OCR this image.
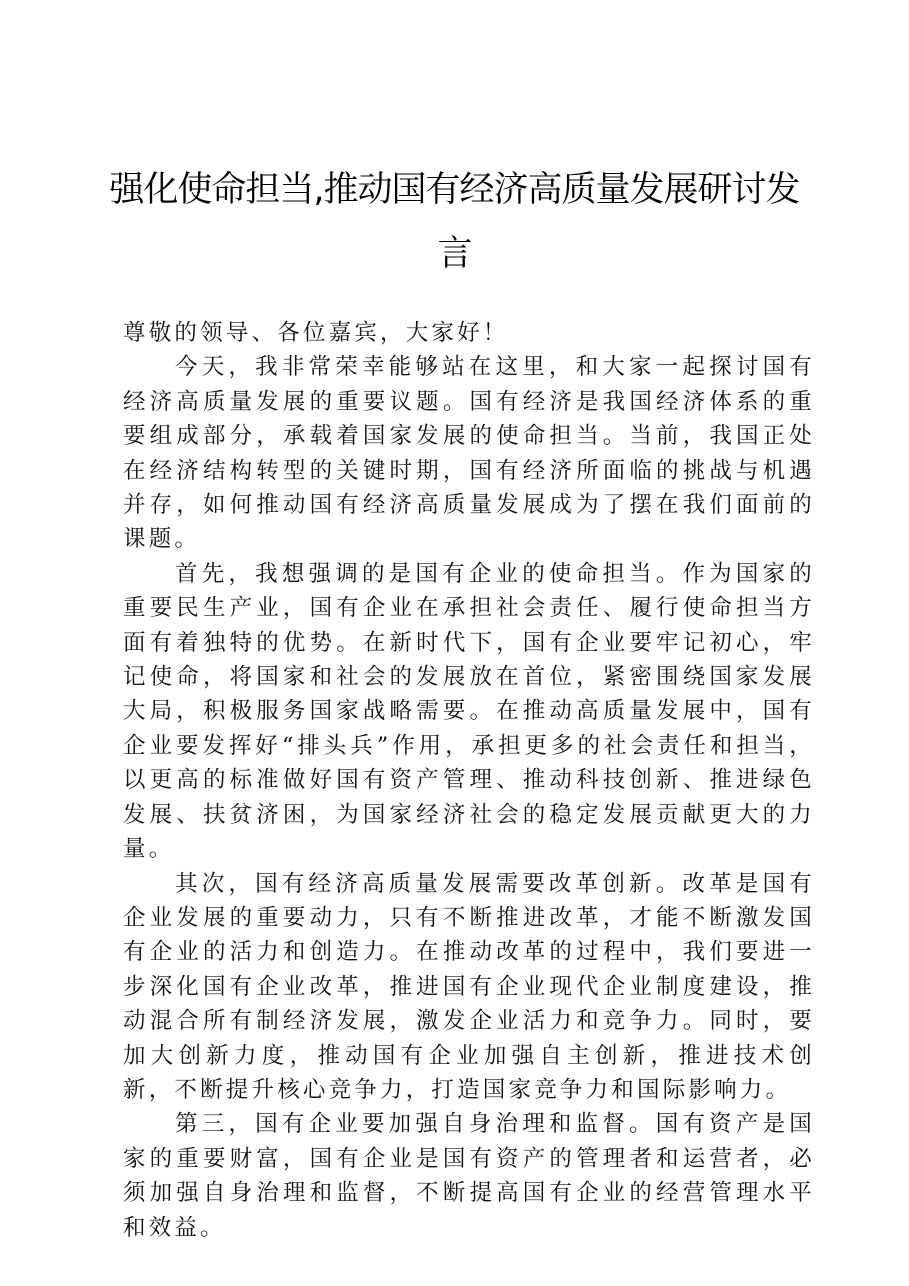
强化使命担当,推动国有经济高质量发展研讨发言

尊敬的领导、各位嘉宾，大家好！

今天，我非常荣幸能够站在这里，和大家一起探讨国有经济高质量发展的重要议题。国有经济是我国经济体系的重要组成部分，承载着国家发展的使命担当。当前，我国正处在经济结构转型的关键时期，国有经济所面临的挑战与机遇并存，如何推动国有经济高质量发展成为了摆在我们面前的课题。

首先，我想强调的是国有企业的使命担当。作为国家的重要民生产业，国有企业在承担社会责任、履行使命担当方面有着独特的优势。在新时代下，国有企业要牢记初心，牢记使命，将国家和社会的发展放在首位，紧密围绕国家发展大局，积极服务国家战略需要。在推动高质量发展中，国有企业要发挥好“排头兵”作用，承担更多的社会责任和担当，以更高的标准做好国有资产管理、推动科技创新、推进绿色发展、扶贫济困，为国家经济社会的稳定发展贡献更大的力量。

其次，国有经济高质量发展需要改革创新。改革是国有企业发展的重要动力，只有不断推进改革，才能不断激发国有企业的活力和创造力。在推动改革的过程中，我们要进一步深化国有企业改革，推进国有企业现代企业制度建设，推动混合所有制经济发展，激发企业活力和竞争力。同时，要加大创新力度，推动国有企业加强自主创新，推进技术创新，不断提升核心竞争力，打造国家竞争力和国际影响力。

第三，国有企业要加强自身治理和监督。国有资产是国家的重要财富，国有企业是国有资产的管理者和运营者，必须加强自身治理和监督，不断提高国有企业的经营管理水平和效益。
